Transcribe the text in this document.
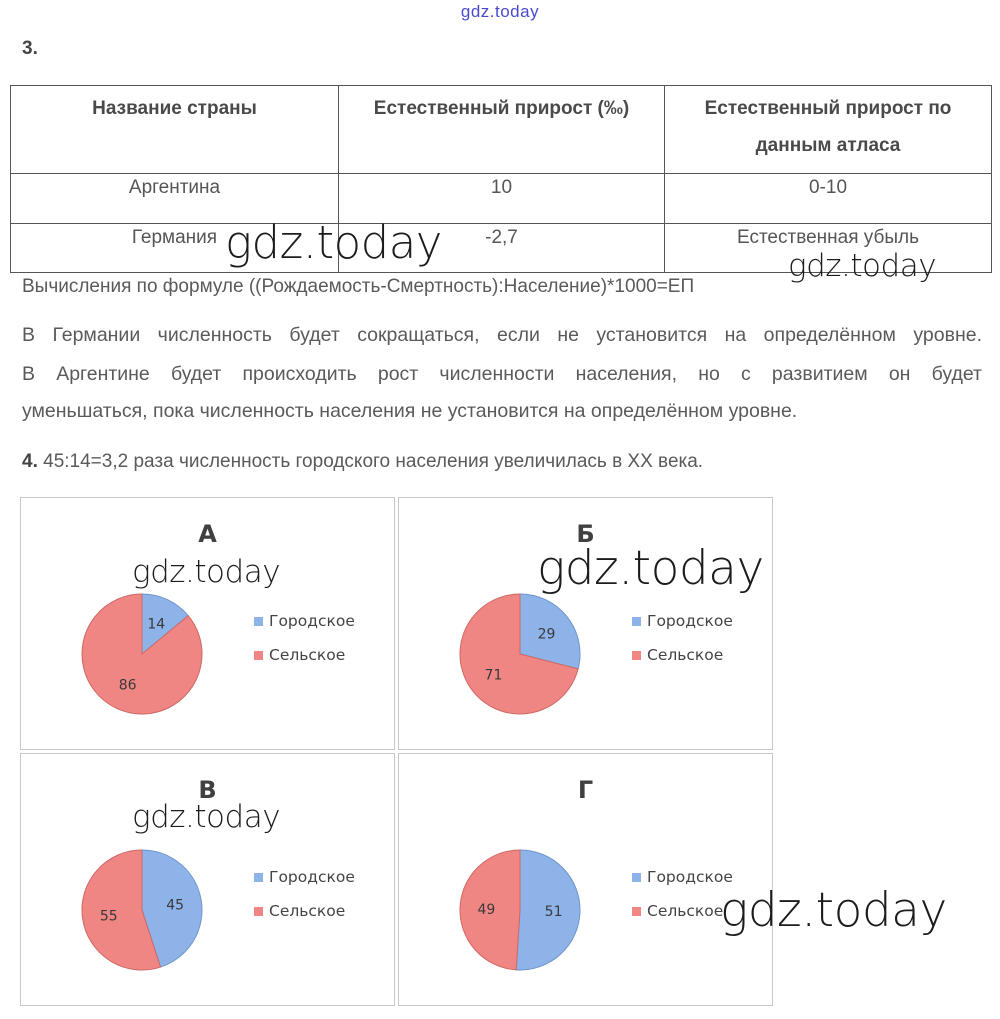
gdz.today
3.
Название страны	Естественный прирост (‰)	Естественный прирост по данным атласа
Аргентина	10	0-10
Германия	-2,7	Естественная убыль
Вычисления по формуле ((Рождаемость-Смертность):Население)*1000=ЕП
В Германии численность будет сокращаться, если не установится на определённом уровне.
В Аргентине будет происходить рост численности населения, но с развитием он будет
уменьшаться, пока численность населения не установится на определённом уровне.
4. 45:14=3,2 раза численность городского населения увеличилась в XX века.
А
14
86
Городское
Сельское
Б
29
71
Городское
Сельское
В
45
55
Городское
Сельское
Г
51
49
Городское
Сельское
gdz.today	gdz.today
gdz.today	gdz.today
gdz.today
gdz.today
